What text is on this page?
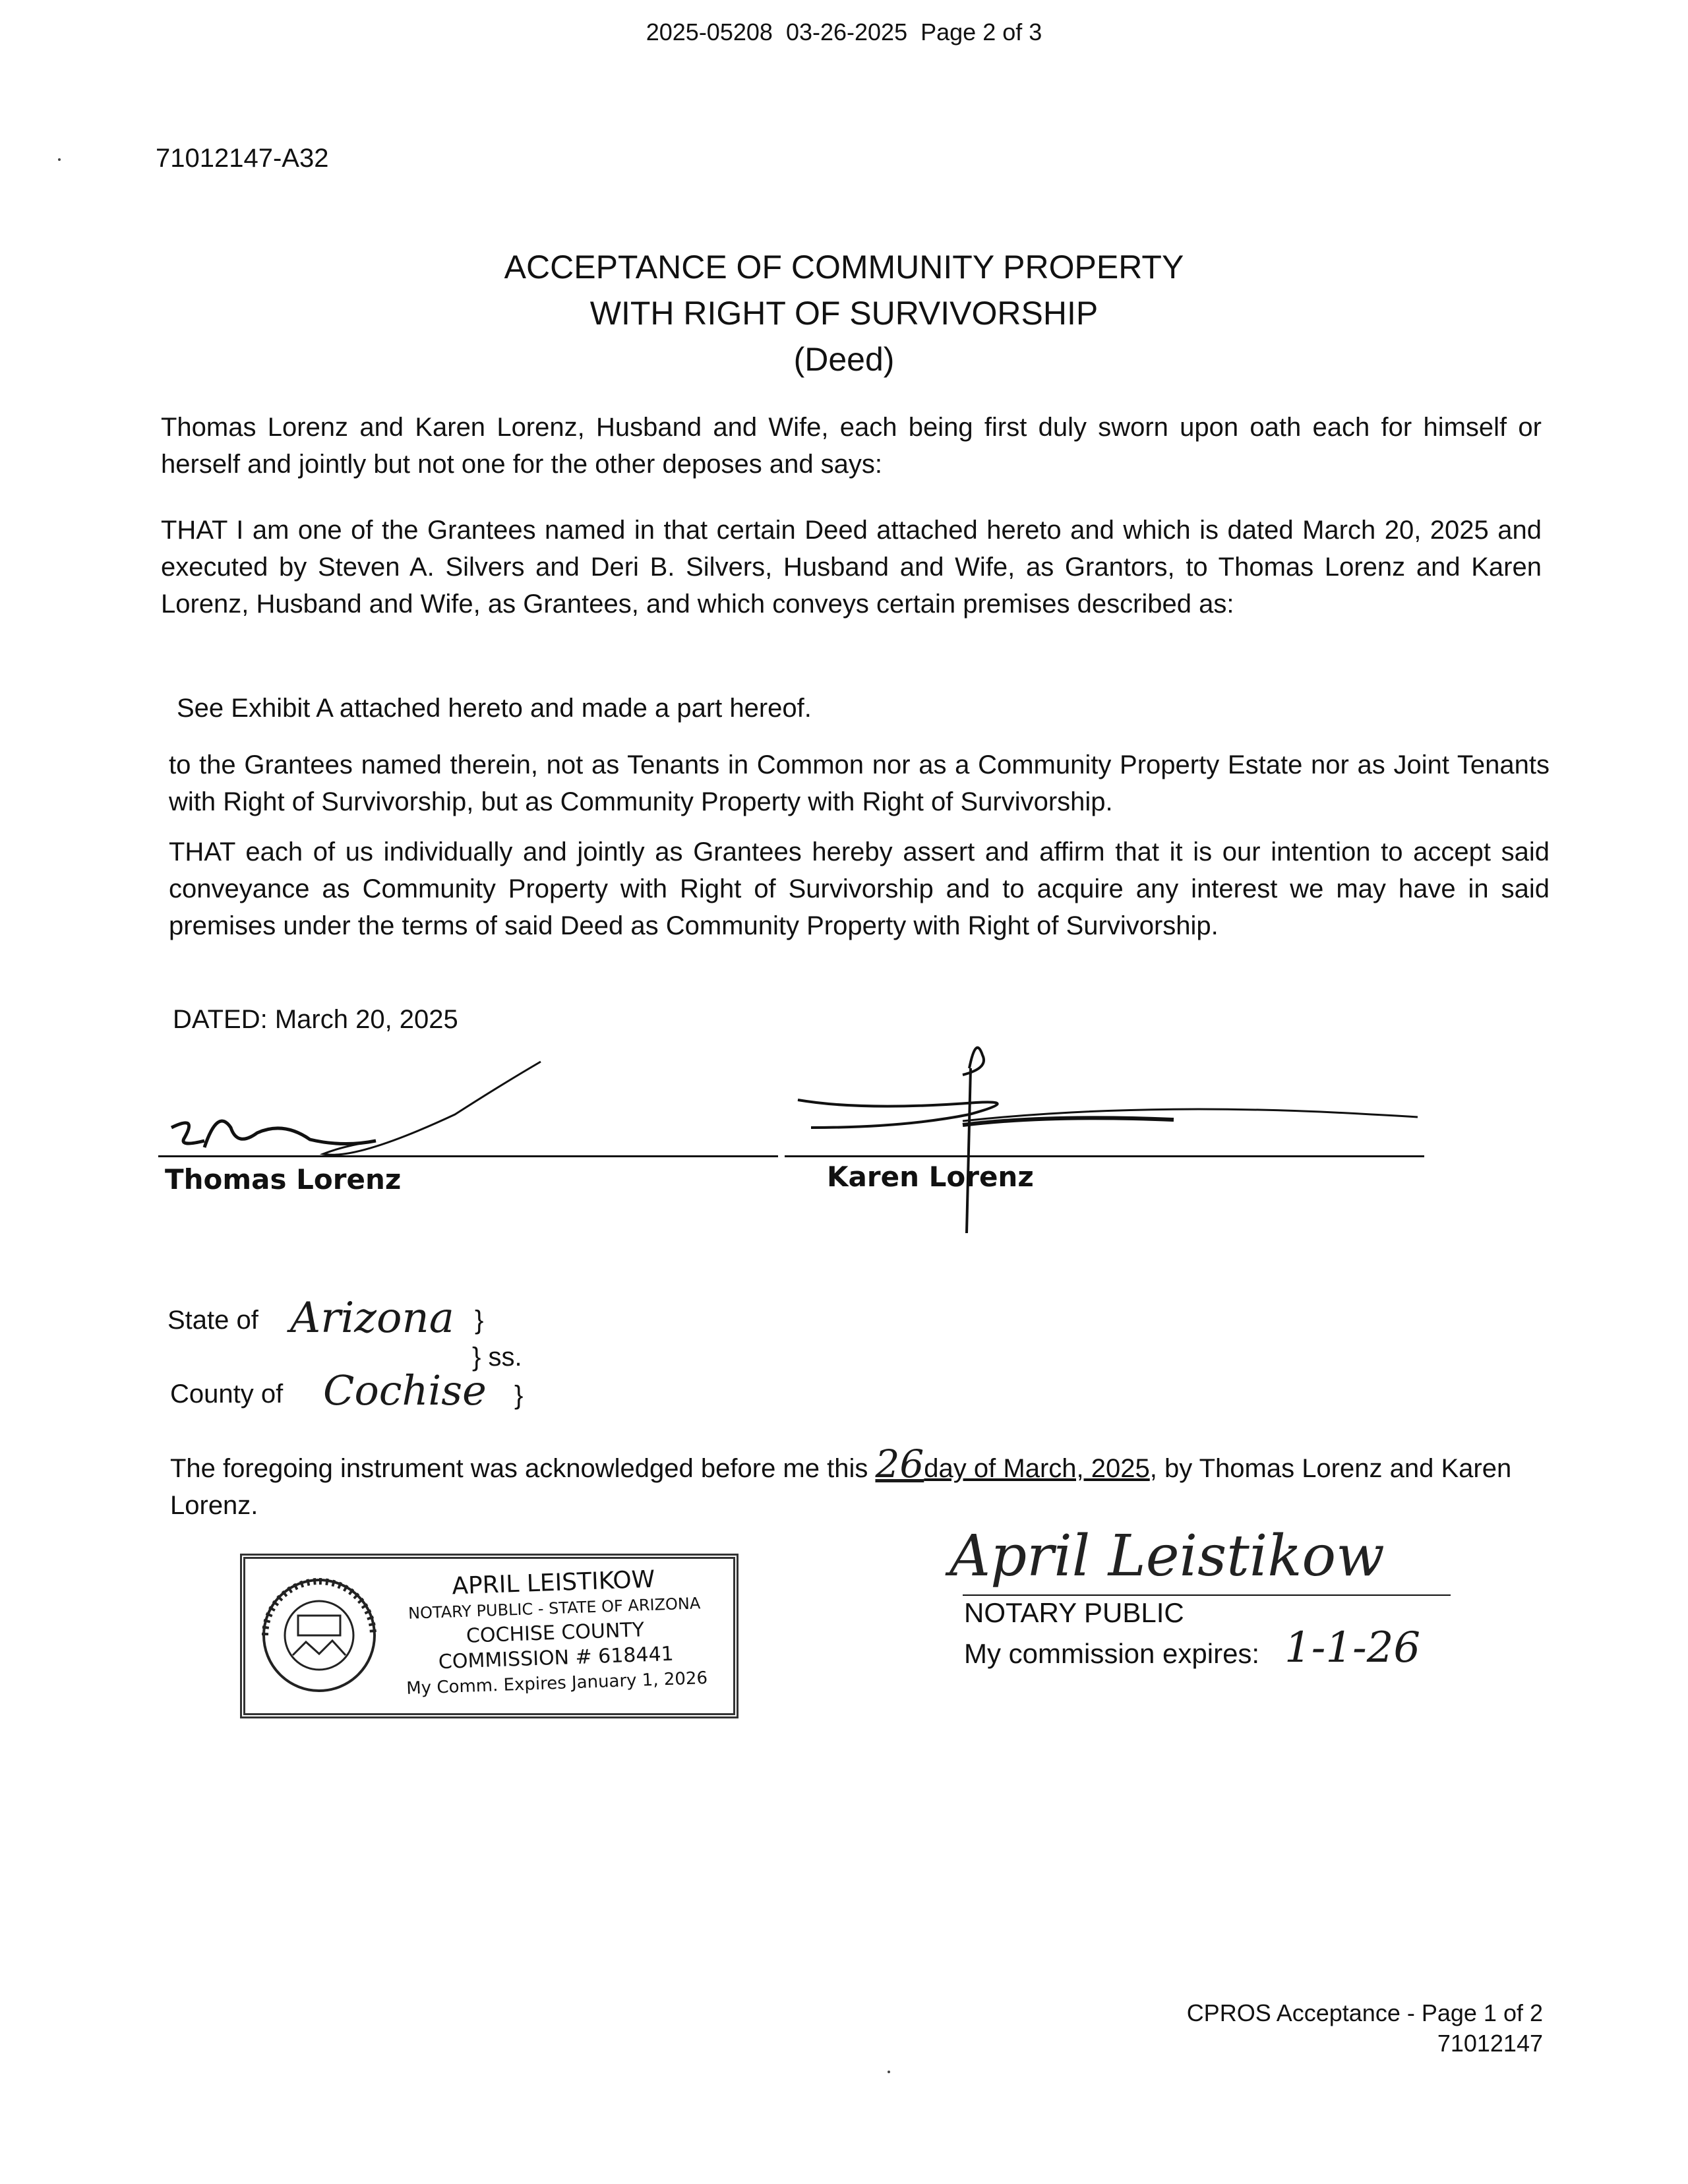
2025-05208 03-26-2025 Page 2 of 3
71012147-A32
ACCEPTANCE OF COMMUNITY PROPERTY
WITH RIGHT OF SURVIVORSHIP
(Deed)
Thomas Lorenz and Karen Lorenz, Husband and Wife, each being first duly sworn upon oath each for himself or herself and jointly but not one for the other deposes and says:
THAT I am one of the Grantees named in that certain Deed attached hereto and which is dated March 20, 2025 and executed by Steven A. Silvers and Deri B. Silvers, Husband and Wife, as Grantors, to Thomas Lorenz and Karen Lorenz, Husband and Wife, as Grantees, and which conveys certain premises described as:
See Exhibit A attached hereto and made a part hereof.
to the Grantees named therein, not as Tenants in Common nor as a Community Property Estate nor as Joint Tenants with Right of Survivorship, but as Community Property with Right of Survivorship.
THAT each of us individually and jointly as Grantees hereby assert and affirm that it is our intention to accept said conveyance as Community Property with Right of Survivorship and to acquire any interest we may have in said premises under the terms of said Deed as Community Property with Right of Survivorship.
DATED: March 20, 2025
Thomas Lorenz	Karen Lorenz
State of Arizona }
} ss.
County of Cochise }
The foregoing instrument was acknowledged before me this 26day of March, 2025, by Thomas Lorenz and Karen Lorenz.
APRIL LEISTIKOW
NOTARY PUBLIC - STATE OF ARIZONA
COCHISE COUNTY
COMMISSION # 618441
My Comm. Expires January 1, 2026
April Leistikow
NOTARY PUBLIC
My commission expires: 1-1-26
CPROS Acceptance - Page 1 of 2
71012147
